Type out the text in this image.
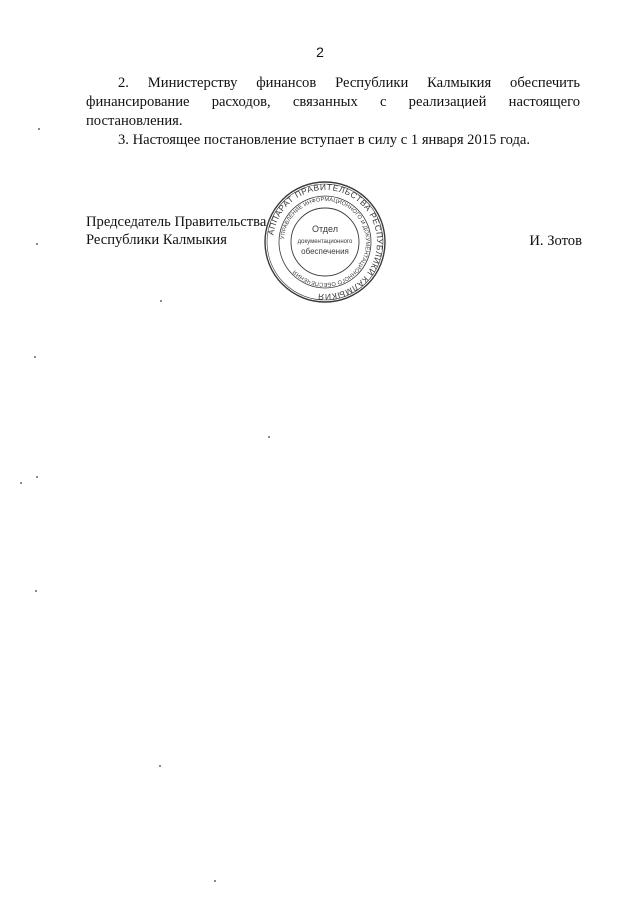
2

2. Министерству финансов Республики Калмыкия обеспечить

финансирование расходов, связанных с реализацией настоящего

постановления.

3. Настоящее постановление вступает в силу с 1 января 2015 года.

Председатель Правительства
Республики Калмыкия	И. Зотов
АППАРАТ ПРАВИТЕЛЬСТВА РЕСПУБЛИКИ КАЛМЫКИЯ
УПРАВЛЕНИЕ ИНФОРМАЦИОННОГО И ДОКУМЕНТАЦИОННОГО ОБЕСПЕЧЕНИЯ
Отдел
документационного
обеспечения
